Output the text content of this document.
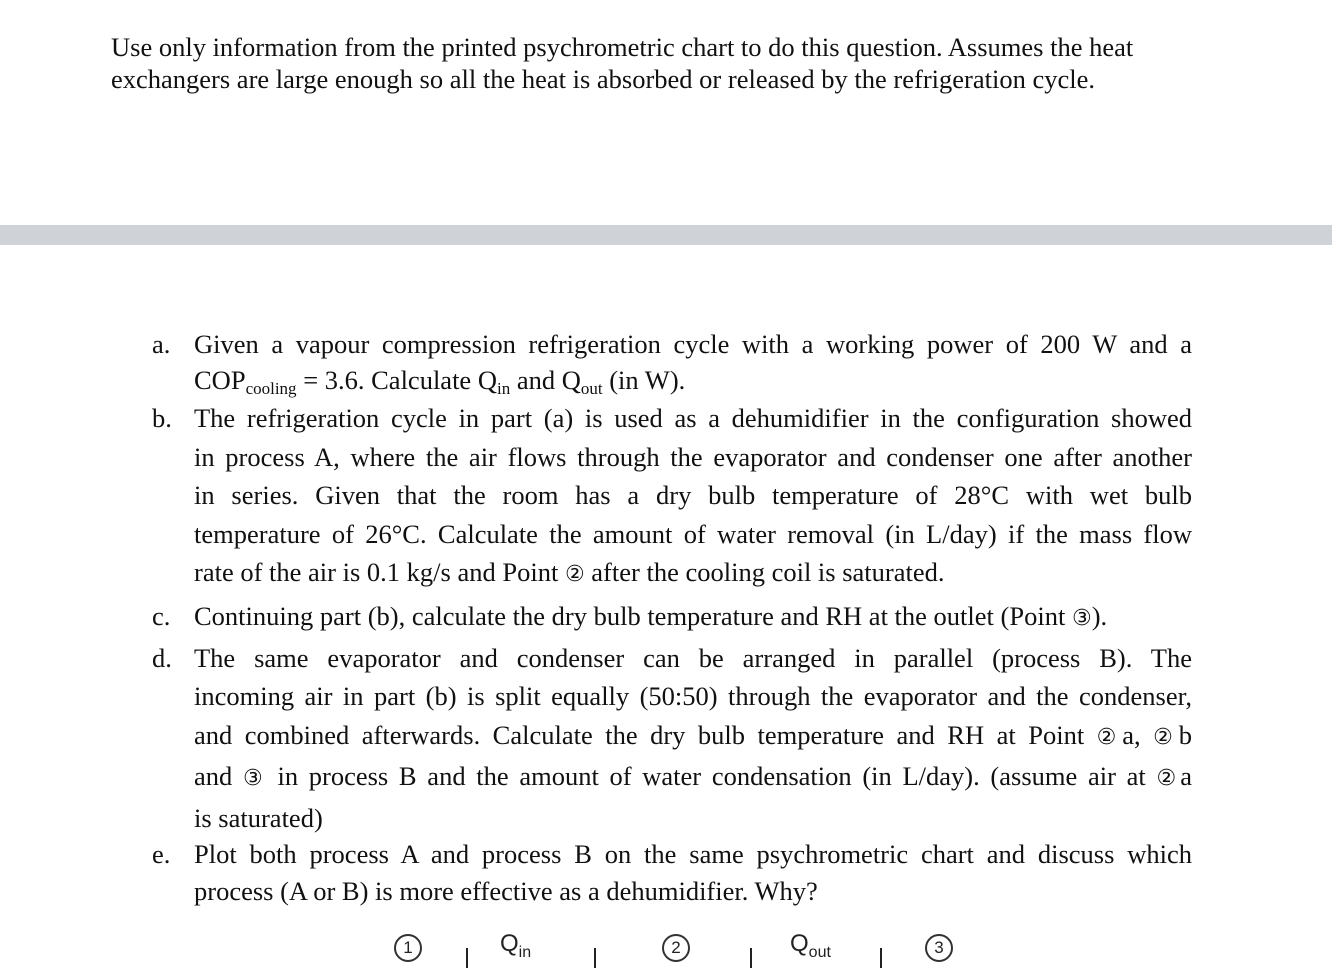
Use only information from the printed psychrometric chart to do this question. Assumes the heat exchangers are large enough so all the heat is absorbed or released by the refrigeration cycle.

a. Given a vapour compression refrigeration cycle with a working power of 200 W and a
$COP_{cooling} = 3.6$. Calculate $Q_{in}$ and $Q_{out}$ (in W).
b. The refrigeration cycle in part (a) is used as a dehumidifier in the configuration showed
in process A, where the air flows through the evaporator and condenser one after another
in series. Given that the room has a dry bulb temperature of 28°C with wet bulb
temperature of 26°C. Calculate the amount of water removal (in L/day) if the mass flow
rate of the air is 0.1 kg/s and Point ② after the cooling coil is saturated.
c. Continuing part (b), calculate the dry bulb temperature and RH at the outlet (Point ③).
d. The same evaporator and condenser can be arranged in parallel (process B). The
incoming air in part (b) is split equally (50:50) through the evaporator and the condenser,
and combined afterwards. Calculate the dry bulb temperature and RH at Point ②a, ②b
and ③ in process B and the amount of water condensation (in L/day). (assume air at ②a
is saturated)
e. Plot both process A and process B on the same psychrometric chart and discuss which
process (A or B) is more effective as a dehumidifier. Why?
1	$Q_{in}$	2	$Q_{out}$	3
